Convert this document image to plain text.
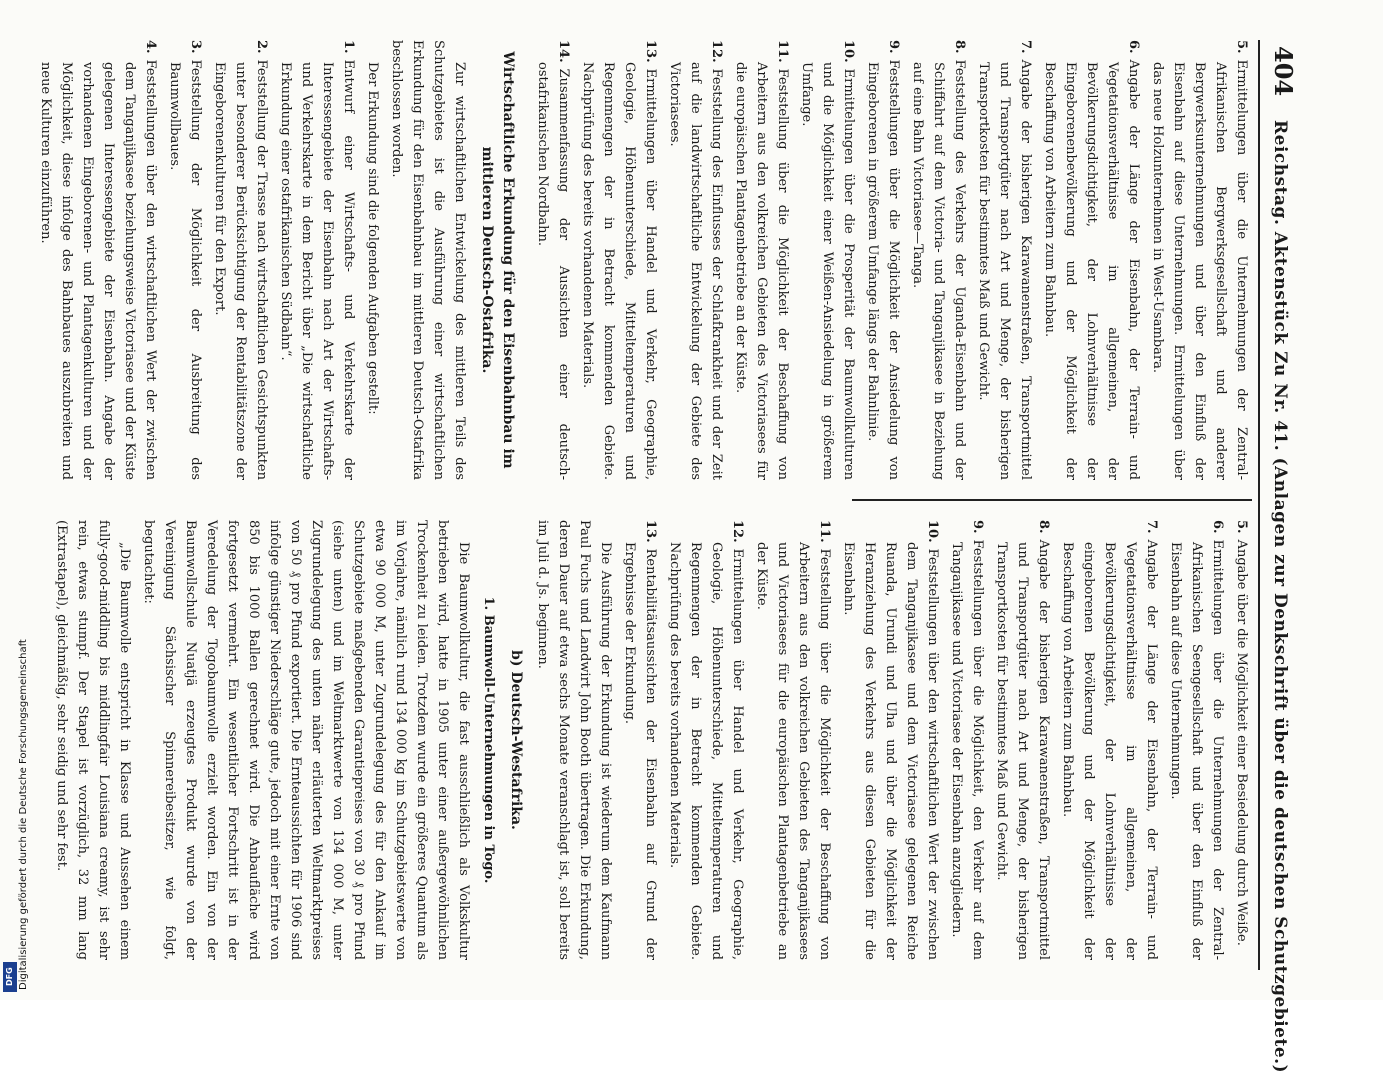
DFG Digitalisierung gefördert durch die Deutsche Forschungsgemeinschaft
404
Reichstag. Aktenstück Zu Nr. 41. (Anlagen zur Denkschrift über die deutschen Schutzgebiete.)

5.Ermittelungen über die Unternehmungen der Zentral-Afrikanischen Bergwerksgesellschaft und anderer Bergwerksunternehmungen und über den Einfluß der Eisenbahn auf diese Unternehmungen. Ermittelungen über das neue Holzunternehmen in West-Usambara.

6.Angabe der Länge der Eisenbahn, der Terrain- und Vegetationsverhältnisse im allgemeinen, der Bevölkerungsdichtigkeit, der Lohnverhältnisse der Eingeborenenbevölkerung und der Möglichkeit der Beschaffung von Arbeitern zum Bahnbau.

7.Angabe der bisherigen Karawanenstraßen, Transportmittel und Transportgüter nach Art und Menge, der bisherigen Transportkosten für bestimmtes Maß und Gewicht.

8.Feststellung des Verkehrs der Uganda-Eisenbahn und der Schiffahrt auf dem Victoria- und Tanganjikasee in Beziehung auf eine Bahn Victoriasee—Tanga.

9.Feststellungen über die Möglichkeit der Ansiedelung von Eingeborenen in größerem Umfange längs der Bahnlinie.

10.Ermittelungen über die Prosperität der Baumwollkulturen und die Möglichkeit einer Weißen-Ansiedelung in größerem Umfange.

11.Feststellung über die Möglichkeit der Beschaffung von Arbeitern aus den volkreichen Gebieten des Victoriasees für die europäischen Plantagenbetriebe an der Küste.

12.Feststellung des Einflusses der Schlafkrankheit und der Zeit auf die landwirtschaftliche Entwickelung der Gebiete des Victoriasees.

13.Ermittelungen über Handel und Verkehr, Geographie, Geologie, Höhenunterschiede, Mitteltemperaturen und Regenmengen der in Betracht kommenden Gebiete. Nachprüfung des bereits vorhandenen Materials.

14.Zusammenfassung der Aussichten einer deutsch-ostafrikanischen Nordbahn.

Wirtschaftliche Erkundung für den Eisenbahnbau im mittleren Deutsch-Ostafrika.

Zur wirtschaftlichen Entwickelung des mittleren Teils des Schutzgebietes ist die Ausführung einer wirtschaftlichen Erkundung für den Eisenbahnbau im mittleren Deutsch-Ostafrika beschlossen worden.

Der Erkundung sind die folgenden Aufgaben gestellt:

1.Entwurf einer Wirtschafts- und Verkehrskarte der Interessengebiete der Eisenbahn nach Art der Wirtschafts- und Verkehrskarte in dem Bericht über „Die wirtschaftliche Erkundung einer ostafrikanischen Südbahn“.

2.Feststellung der Trasse nach wirtschaftlichen Gesichtspunkten unter besonderer Berücksichtigung der Rentabilitätszone der Eingeborenenkulturen für den Export.

3.Feststellung der Möglichkeit der Ausbreitung des Baumwollbaues.

4.Feststellungen über den wirtschaftlichen Wert der zwischen dem Tanganjikasee beziehungsweise Victoriasee und der Küste gelegenen Interessengebiete der Eisenbahn. Angabe der vorhandenen Eingeborenen- und Plantagenkulturen und der Möglichkeit, diese infolge des Bahnbaues auszubreiten und neue Kulturen einzuführen.

5.Angabe über die Möglichkeit einer Besiedelung durch Weiße.

6.Ermittelungen über die Unternehmungen der Zentral-Afrikanischen Seengesellschaft und über den Einfluß der Eisenbahn auf diese Unternehmungen.

7.Angabe der Länge der Eisenbahn, der Terrain- und Vegetationsverhältnisse im allgemeinen, der Bevölkerungsdichtigkeit, der Lohnverhältnisse der eingeborenen Bevölkerung und der Möglichkeit der Beschaffung von Arbeitern zum Bahnbau.

8.Angabe der bisherigen Karawanenstraßen, Transportmittel und Transportgüter nach Art und Menge, der bisherigen Transportkosten für bestimmtes Maß und Gewicht.

9.Feststellungen über die Möglichkeit, den Verkehr auf dem Tanganjikasee und Victoriasee der Eisenbahn anzugliedern.

10.Feststellungen über den wirtschaftlichen Wert der zwischen dem Tanganjikasee und dem Victoriasee gelegenen Reiche Ruanda, Urundi und Uha und über die Möglichkeit der Heranziehung des Verkehrs aus diesen Gebieten für die Eisenbahn.

11.Feststellung über die Möglichkeit der Beschaffung von Arbeitern aus den volkreichen Gebieten des Tanganjikasees und Victoriasees für die europäischen Plantagenbetriebe an der Küste.

12.Ermittelungen über Handel und Verkehr, Geographie, Geologie, Höhenunterschiede, Mitteltemperaturen und Regenmengen der in Betracht kommenden Gebiete. Nachprüfung des bereits vorhandenen Materials.

13.Rentabilitätsaussichten der Eisenbahn auf Grund der Ergebnisse der Erkundung.

Die Ausführung der Erkundung ist wiederum dem Kaufmann Paul Fuchs und Landwirt John Booth übertragen. Die Erkundung, deren Dauer auf etwa sechs Monate veranschlagt ist, soll bereits im Juli d. Js. beginnen.

b) Deutsch-Westafrika.
1. Baumwoll-Unternehmungen in Togo.

Die Baumwollkultur, die fast ausschließlich als Volkskultur betrieben wird, hatte in 1905 unter einer außergewöhnlichen Trockenheit zu leiden. Trotzdem wurde ein größeres Quantum als im Vorjahre, nämlich rund 134 000 kg im Schutzgebietswerte von etwa 90 000 M, unter Zugrundelegung des für den Ankauf im Schutzgebiete maßgebenden Garantiepreises von 30 ₰ pro Pfund (siehe unten) und im Weltmarktwerte von 134 000 M, unter Zugrundelegung des unten näher erläuterten Weltmarktpreises von 50 ₰ pro Pfund exportiert. Die Ernteaussichten für 1906 sind infolge günstiger Niederschläge gute, jedoch mit einer Ernte von 850 bis 1000 Ballen gerechnet wird. Die Anbaufläche wird fortgesetzt vermehrt. Ein wesentlicher Fortschritt ist in der Veredelung der Togobaumwolle erzielt worden. Ein von der Baumwollschule Nuatjä erzeugtes Produkt wurde von der Vereinigung Sächsischer Spinnereibesitzer, wie folgt, begutachtet:

„Die Baumwolle entspricht in Klasse und Aussehen einem fully-good-middling bis middlingfair Louisiana creamy, ist sehr rein, etwas stumpf. Der Stapel ist vorzüglich, 32 mm lang (Extrastapel), gleichmäßig, sehr seidig und sehr fest.
